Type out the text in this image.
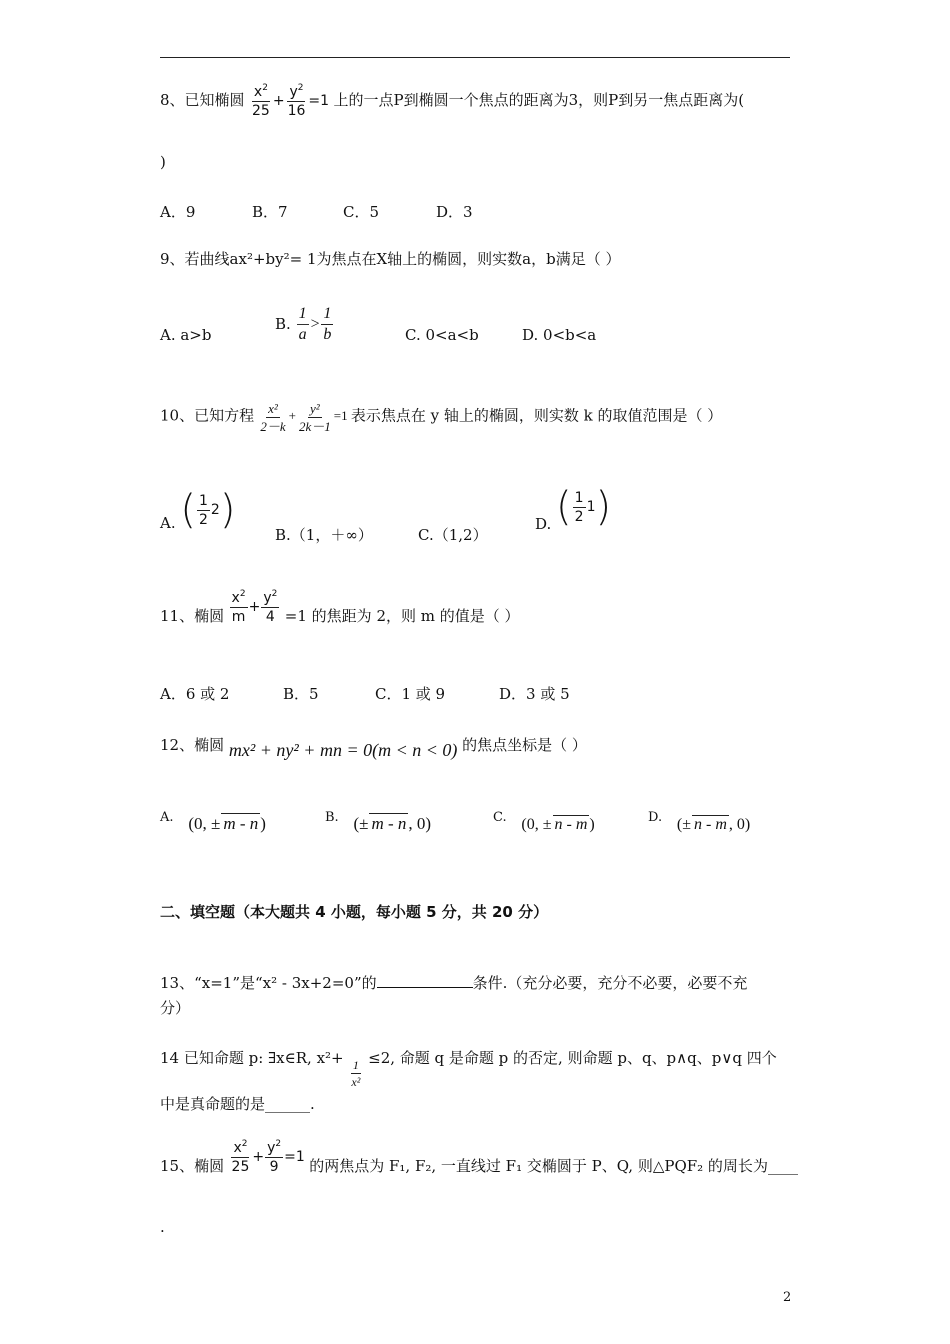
8、已知椭圆 $\frac{x^2}{25} + \frac{y^2}{16} =1$ 上的一点P到椭圆一个焦点的距离为3，则P到另一焦点距离为(
)
A．9	B．7	C．5	D．3
9、若曲线ax²+by²= 1为焦点在X轴上的椭圆，则实数a，b满足（ ）
A. a>b
B. $\frac{1}{a} > \frac{1}{b}$	C. 0<a<b	D. 0<b<a
10、已知方程 $\frac{\text{x²}}{2-k} + \frac{\text{y²}}{2k-1} =1$ 表示焦点在 y 轴上的椭圆，则实数 k 的取值范围是（ ）
A. ( $\frac{1}{2} 2$)
B.（1，＋∞）	C.（1,2）
D. ( $\frac{1}{2} 1$)
11、椭圆 $\frac{x^2}{m} + \frac{y^2}{4} =1$ 的焦距为 2，则 m 的值是（ ）
A．6 或 2	B．5	C．1 或 9	D．3 或 5
12、椭圆 mx² + ny² + mn = 0(m < n < 0) 的焦点坐标是（ ）
A. (0, ± m - n )	B. (± m - n , 0)	C. (0, ± n - m )	D. (± n - m , 0)
二、填空题（本大题共 4 小题，每小题 5 分，共 20 分）
13、“x=1”是“x² - 3x+2=0”的	条件.（充分必要，充分不必要，必要不充
分）
14 已知命题 p: ∃x∈R, x²+
$\frac{1}{\text{x²}}$
≤2, 命题 q 是命题 p 的否定, 则命题 p、q、p∧q、p∨q 四个
中是真命题的是______.
15、椭圆 $\frac{x^2}{25} + \frac{y^2}{9} =1$ 的两焦点为 F₁, F₂, 一直线过 F₁ 交椭圆于 P、Q, 则△PQF₂ 的周长为____
.
2
